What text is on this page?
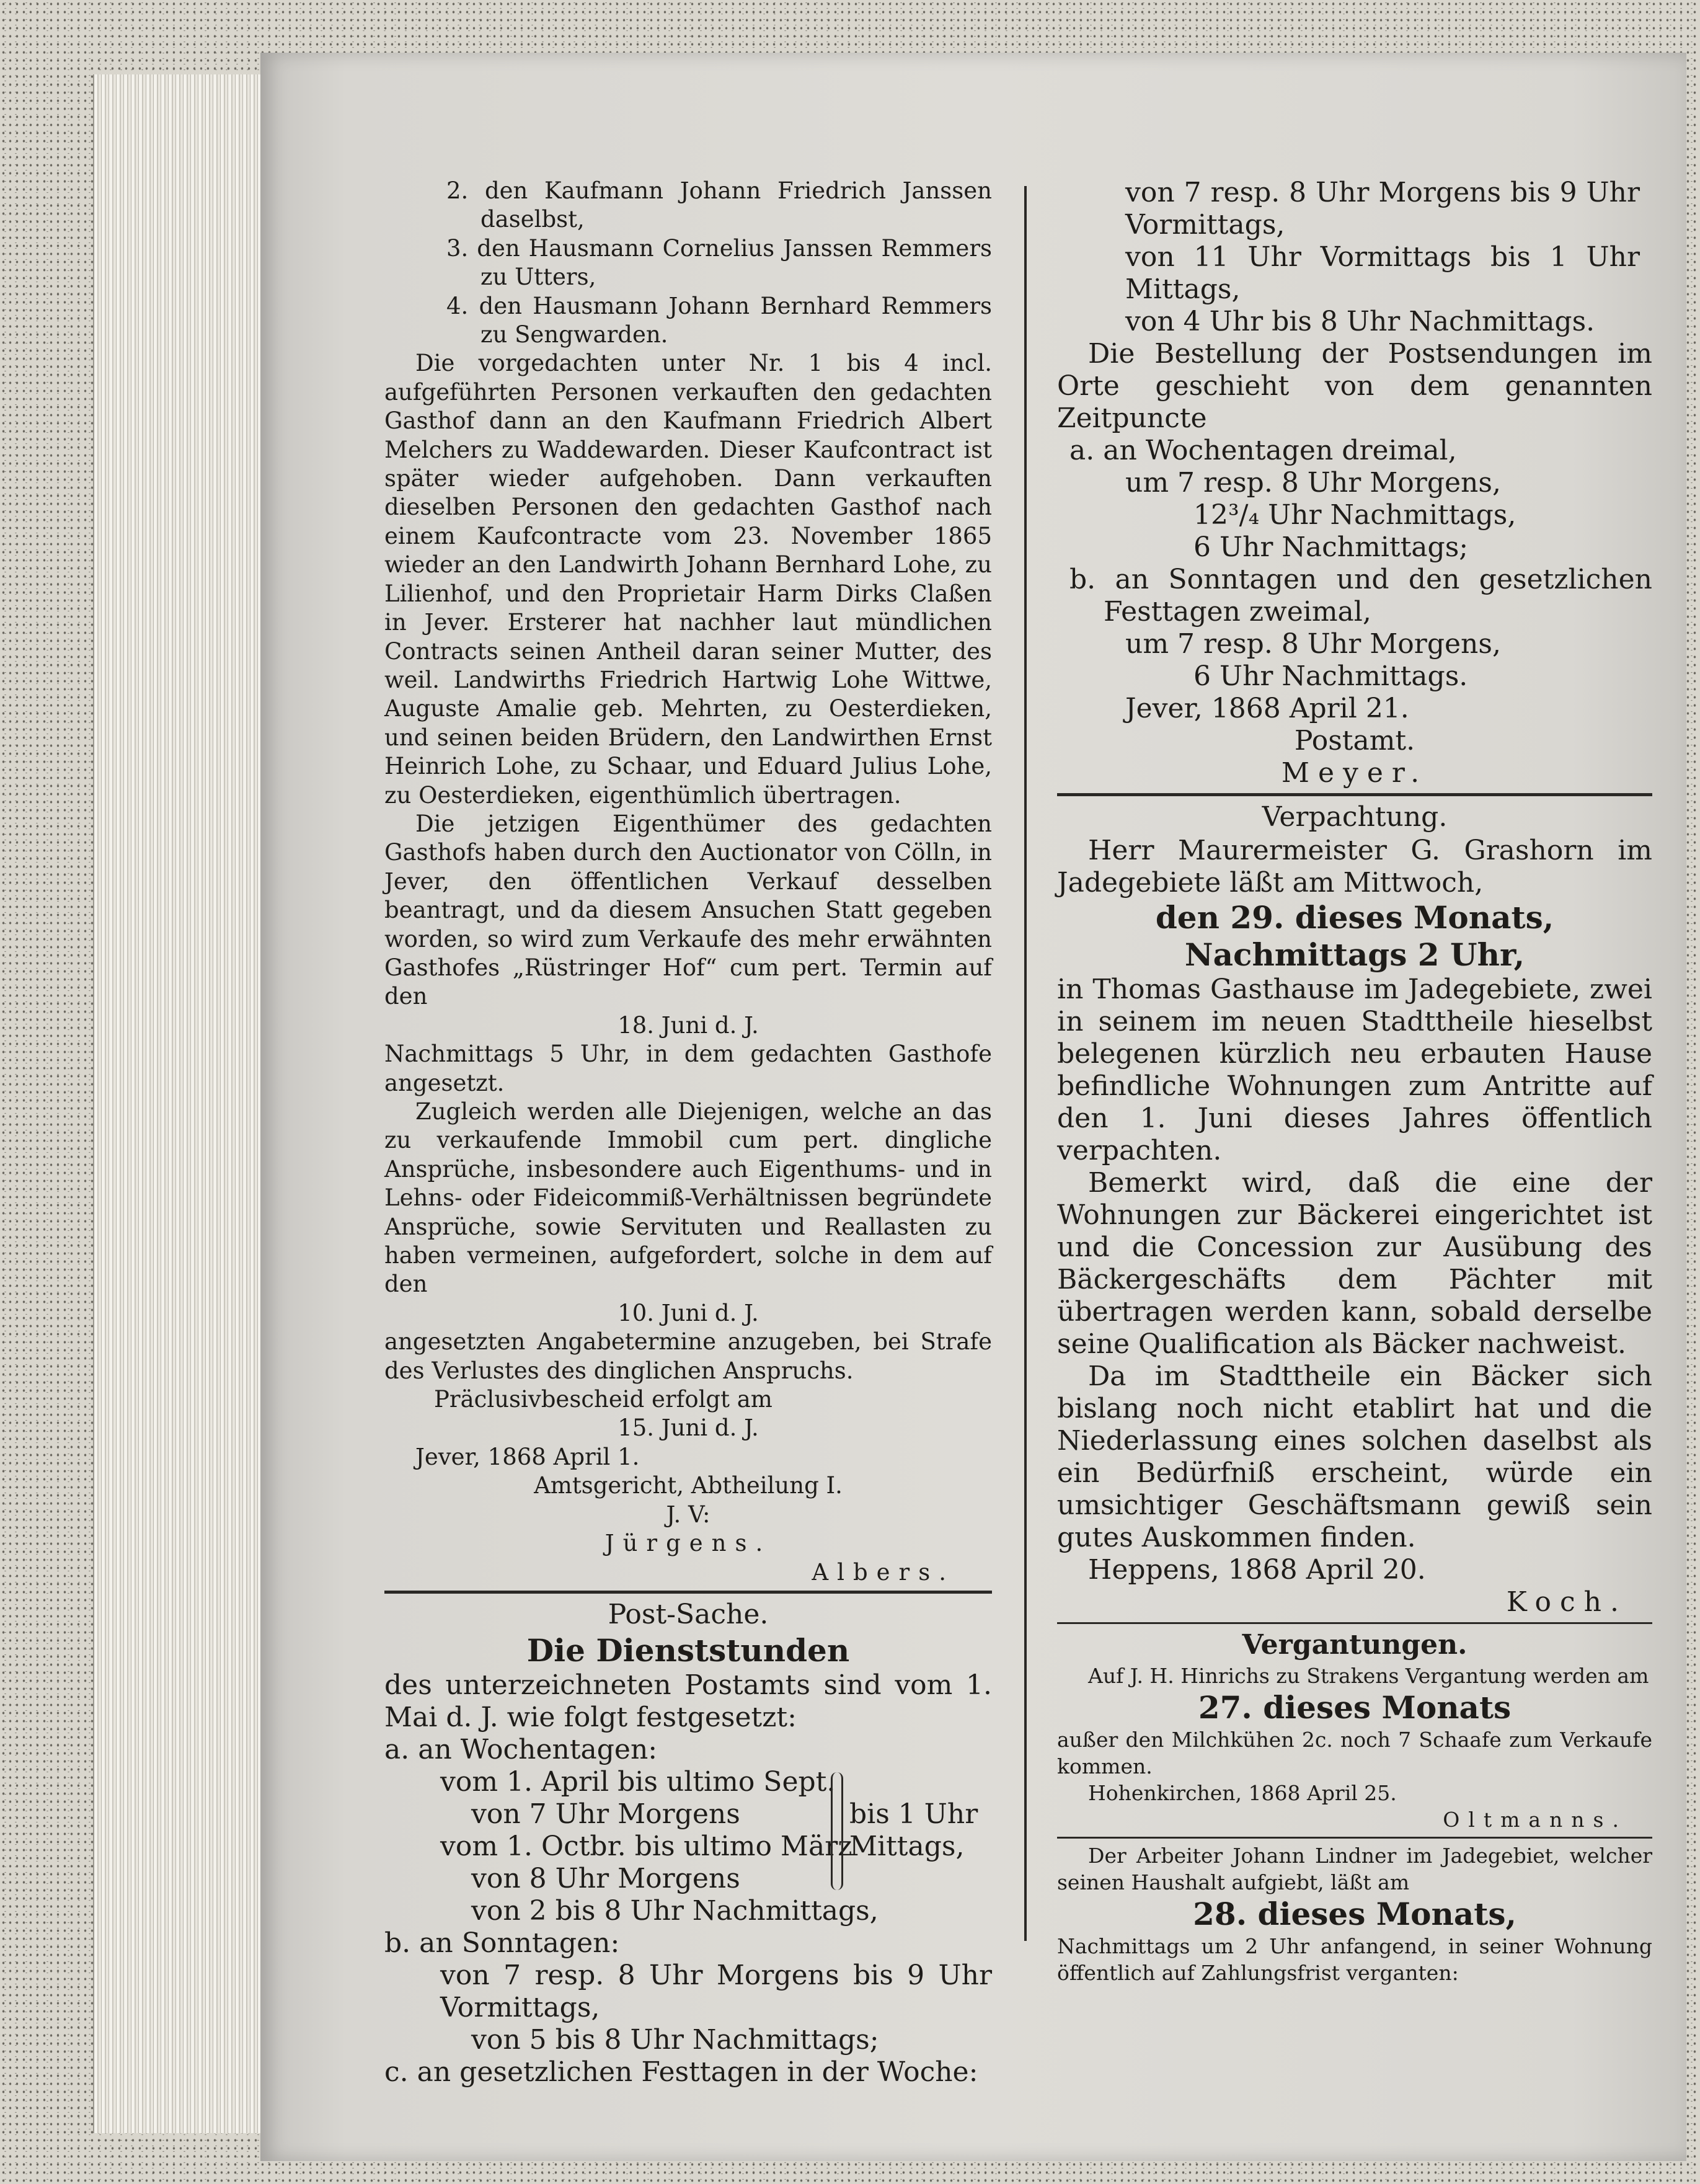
2. den Kaufmann Johann Friedrich Janssen daselbst,

3. den Hausmann Cornelius Janssen Remmers zu Utters,

4. den Hausmann Johann Bernhard Remmers zu Sengwarden.

Die vorgedachten unter Nr. 1 bis 4 incl. aufgeführten Personen verkauften den gedachten Gasthof dann an den Kaufmann Friedrich Albert Melchers zu Waddewarden. Dieser Kaufcontract ist später wieder aufgehoben. Dann verkauften dieselben Personen den gedachten Gasthof nach einem Kaufcontracte vom 23. November 1865 wieder an den Landwirth Johann Bernhard Lohe, zu Lilienhof, und den Proprietair Harm Dirks Claßen in Jever. Ersterer hat nachher laut mündlichen Contracts seinen Antheil daran seiner Mutter, des weil. Landwirths Friedrich Hartwig Lohe Wittwe, Auguste Amalie geb. Mehrten, zu Oesterdieken, und seinen beiden Brüdern, den Landwirthen Ernst Heinrich Lohe, zu Schaar, und Eduard Julius Lohe, zu Oesterdieken, eigenthümlich übertragen.

Die jetzigen Eigenthümer des gedachten Gasthofs haben durch den Auctionator von Cölln, in Jever, den öffentlichen Verkauf desselben beantragt, und da diesem Ansuchen Statt gegeben worden, so wird zum Verkaufe des mehr erwähnten Gasthofes „Rüstringer Hof“ cum pert. Termin auf den

18. Juni d. J.

Nachmittags 5 Uhr, in dem gedachten Gasthofe angesetzt.

Zugleich werden alle Diejenigen, welche an das zu verkaufende Immobil cum pert. dingliche Ansprüche, insbesondere auch Eigenthums- und in Lehns- oder Fideicommiß-Verhältnissen begründete Ansprüche, sowie Servituten und Reallasten zu haben vermeinen, aufgefordert, solche in dem auf den

10. Juni d. J.

angesetzten Angabetermine anzugeben, bei Strafe des Verlustes des dinglichen Anspruchs.

Präclusivbescheid erfolgt am

15. Juni d. J.

Jever, 1868 April 1.

Amtsgericht, Abtheilung I.

J. V:

Jürgens.

Albers.

Post-Sache.

Die Dienststunden

des unterzeichneten Postamts sind vom 1. Mai d. J. wie folgt festgesetzt:

a. an Wochentagen:

vom 1. April bis ultimo Sept.

von 7 Uhr Morgens

vom 1. Octbr. bis ultimo März

von 8 Uhr Morgens

bis 1 Uhr

Mittags,

von 2 bis 8 Uhr Nachmittags,

b. an Sonntagen:

von 7 resp. 8 Uhr Morgens bis 9 Uhr Vormittags,

von 5 bis 8 Uhr Nachmittags;

c. an gesetzlichen Festtagen in der Woche:

von 7 resp. 8 Uhr Morgens bis 9 Uhr Vormittags,

von 11 Uhr Vormittags bis 1 Uhr Mittags,

von 4 Uhr bis 8 Uhr Nachmittags.

Die Bestellung der Postsendungen im Orte geschieht von dem genannten Zeitpuncte

a. an Wochentagen dreimal,

um 7 resp. 8 Uhr Morgens,

12³/₄ Uhr Nachmittags,

6 Uhr Nachmittags;

b. an Sonntagen und den gesetzlichen Festtagen zweimal,

um 7 resp. 8 Uhr Morgens,

6 Uhr Nachmittags.

Jever, 1868 April 21.

Postamt.

Meyer.

Verpachtung.

Herr Maurermeister G. Grashorn im Jadegebiete läßt am Mittwoch,

den 29. dieses Monats,

Nachmittags 2 Uhr,

in Thomas Gasthause im Jadegebiete, zwei in seinem im neuen Stadttheile hieselbst belegenen kürzlich neu erbauten Hause befindliche Wohnungen zum Antritte auf den 1. Juni dieses Jahres öffentlich verpachten.

Bemerkt wird, daß die eine der Wohnungen zur Bäckerei eingerichtet ist und die Concession zur Ausübung des Bäckergeschäfts dem Pächter mit übertragen werden kann, sobald derselbe seine Qualification als Bäcker nachweist.

Da im Stadttheile ein Bäcker sich bislang noch nicht etablirt hat und die Niederlassung eines solchen daselbst als ein Bedürfniß erscheint, würde ein umsichtiger Geschäftsmann gewiß sein gutes Auskommen finden.

Heppens, 1868 April 20.

Koch.

Vergantungen.

Auf J. H. Hinrichs zu Strakens Vergantung werden am

27. dieses Monats

außer den Milchkühen 2c. noch 7 Schaafe zum Verkaufe kommen.

Hohenkirchen, 1868 April 25.

Oltmanns.

Der Arbeiter Johann Lindner im Jadegebiet, welcher seinen Haushalt aufgiebt, läßt am

28. dieses Monats,

Nachmittags um 2 Uhr anfangend, in seiner Wohnung öffentlich auf Zahlungsfrist verganten:
